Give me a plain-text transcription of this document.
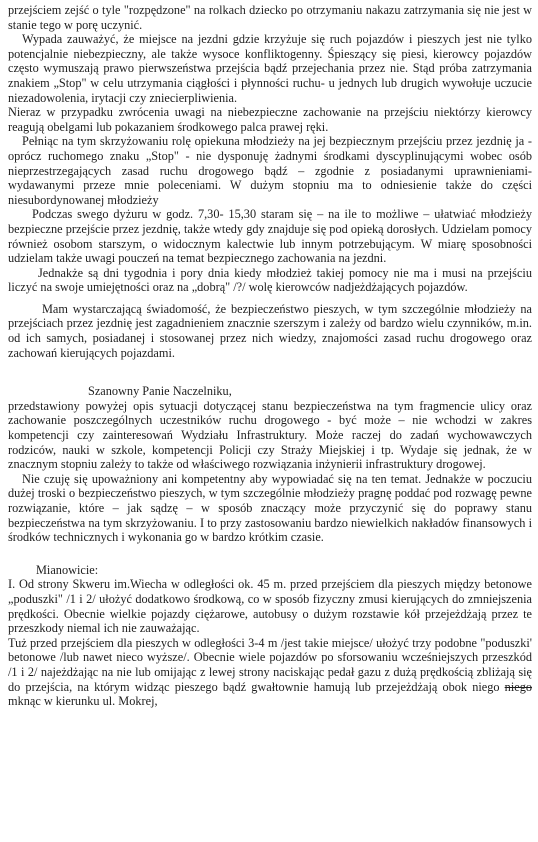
przejściem zejść o tyle "rozpędzone" na rolkach dziecko po otrzymaniu nakazu zatrzymania się nie jest w stanie tego w porę uczynić.

Wypada zauważyć, że miejsce na jezdni gdzie krzyżuje się ruch pojazdów i pieszych jest nie tylko potencjalnie niebezpieczny, ale także wysoce konfliktogenny. Śpieszący się piesi, kierowcy pojazdów często wymuszają prawo pierwszeństwa przejścia bądź przejechania przez nie. Stąd próba zatrzymania znakiem „Stop" w celu utrzymania ciągłości i płynności ruchu- u jednych lub drugich wywołuje uczucie niezadowolenia, irytacji czy zniecierpliwienia.

Nieraz w przypadku zwrócenia uwagi na niebezpieczne zachowanie na przejściu niektórzy kierowcy reagują obelgami lub pokazaniem środkowego palca prawej ręki.

Pełniąc na tym skrzyżowaniu rolę opiekuna młodzieży na jej bezpiecznym przejściu przez jezdnię ja - oprócz ruchomego znaku „Stop" - nie dysponuję żadnymi środkami dyscyplinującymi wobec osób nieprzestrzegających zasad ruchu drogowego bądź – zgodnie z posiadanymi uprawnieniami- wydawanymi przeze mnie poleceniami. W dużym stopniu ma to odniesienie także do części niesubordynowanej młodzieży

Podczas swego dyżuru w godz. 7,30- 15,30 staram się – na ile to możliwe – ułatwiać młodzieży bezpieczne przejście przez jezdnię, także wtedy gdy znajduje się pod opieką dorosłych. Udzielam pomocy również osobom starszym, o widocznym kalectwie lub innym potrzebującym. W miarę sposobności udzielam także uwagi pouczeń na temat bezpiecznego zachowania na jezdni.

Jednakże są dni tygodnia i pory dnia kiedy młodzież takiej pomocy nie ma i musi na przejściu liczyć na swoje umiejętności oraz na „dobrą" /?/ wolę kierowców nadjeżdżających pojazdów.

Mam wystarczającą świadomość, że bezpieczeństwo pieszych, w tym szczególnie młodzieży na przejściach przez jezdnię jest zagadnieniem znacznie szerszym i zależy od bardzo wielu czynników, m.in. od ich samych, posiadanej i stosowanej przez nich wiedzy, znajomości zasad ruchu drogowego oraz zachowań kierujących pojazdami.

Szanowny Panie Naczelniku,

przedstawiony powyżej opis sytuacji dotyczącej stanu bezpieczeństwa na tym fragmencie ulicy oraz zachowanie poszczególnych uczestników ruchu drogowego - być może – nie wchodzi w zakres kompetencji czy zainteresowań Wydziału Infrastruktury. Może raczej do zadań wychowawczych rodziców, nauki w szkole, kompetencji Policji czy Straży Miejskiej i tp. Wydaje się jednak, że w znacznym stopniu zależy to także od właściwego rozwiązania inżynierii infrastruktury drogowej.

Nie czuję się upoważniony ani kompetentny aby wypowiadać się na ten temat. Jednakże w poczuciu dużej troski o bezpieczeństwo pieszych, w tym szczególnie młodzieży pragnę poddać pod rozwagę pewne rozwiązanie, które – jak sądzę – w sposób znaczący może przyczynić się do poprawy stanu bezpieczeństwa na tym skrzyżowaniu. I to przy zastosowaniu bardzo niewielkich nakładów finansowych i środków technicznych i wykonania go w bardzo krótkim czasie.

Mianowicie:

I. Od strony Skweru im.Wiecha w odległości ok. 45 m. przed przejściem dla pieszych między betonowe „poduszki" /1 i 2/ ułożyć dodatkowo środkową, co w sposób fizyczny zmusi kierujących do zmniejszenia prędkości. Obecnie wielkie pojazdy ciężarowe, autobusy o dużym rozstawie kół przejeżdżają przez te przeszkody niemal ich nie zauważając.

Tuż przed przejściem dla pieszych w odległości 3-4 m /jest takie miejsce/ ułożyć trzy podobne "poduszki' betonowe /lub nawet nieco wyższe/. Obecnie wiele pojazdów po sforsowaniu wcześniejszych przeszkód /1 i 2/ najeżdżając na nie lub omijając z lewej strony naciskając pedał gazu z dużą prędkością zbliżają się do przejścia, na którym widząc pieszego bądź gwałtownie hamują lub przejeżdżają obok niego niego mknąc w kierunku ul. Mokrej,
